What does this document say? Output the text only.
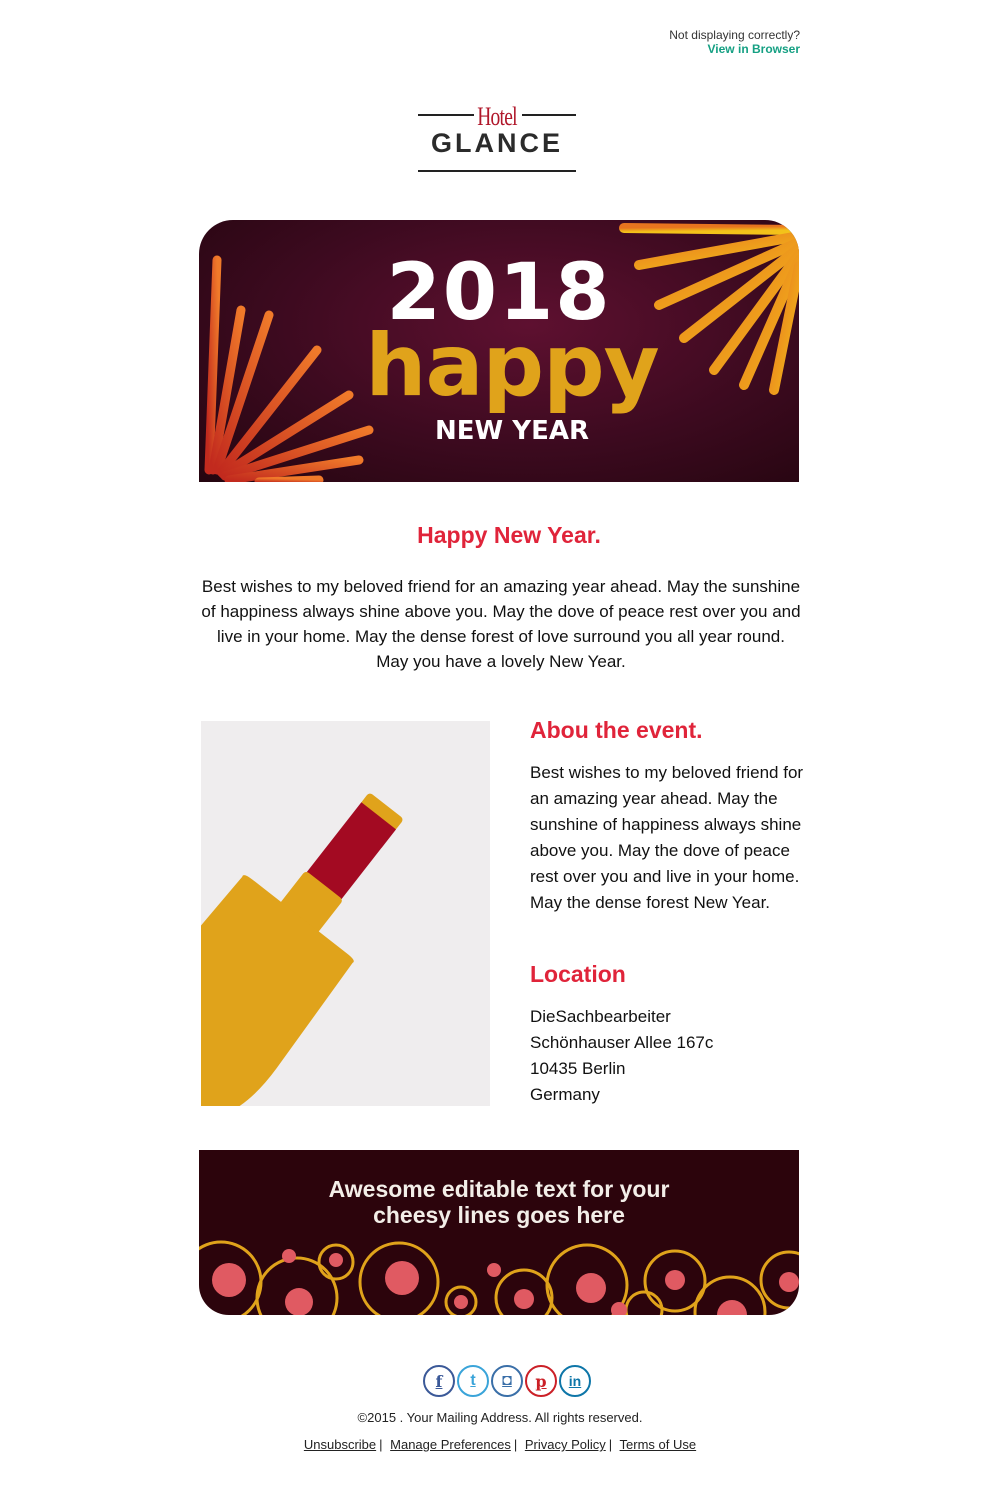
Not displaying correctly?
View in Browser
Hotel
GLANCE
2018
happy
NEW YEAR
Happy New Year.
Best wishes to my beloved friend for an amazing year ahead. May the sunshine of happiness always shine above you. May the dove of peace rest over you and live in your home. May the dense forest of love surround you all year round. May you have a lovely New Year.
Abou the event.
Best wishes to my beloved friend for an amazing year ahead. May the sunshine of happiness always shine above you. May the dove of peace rest over you and live in your home. May the dense forest New Year.
Location
DieSachbearbeiter
Schönhauser Allee 167c
10435 Berlin
Germany
Awesome editable text for your
cheesy lines goes here
f t ◘ p in
©2015 . Your Mailing Address. All rights reserved.
Unsubscribe | Manage Preferences | Privacy Policy | Terms of Use
